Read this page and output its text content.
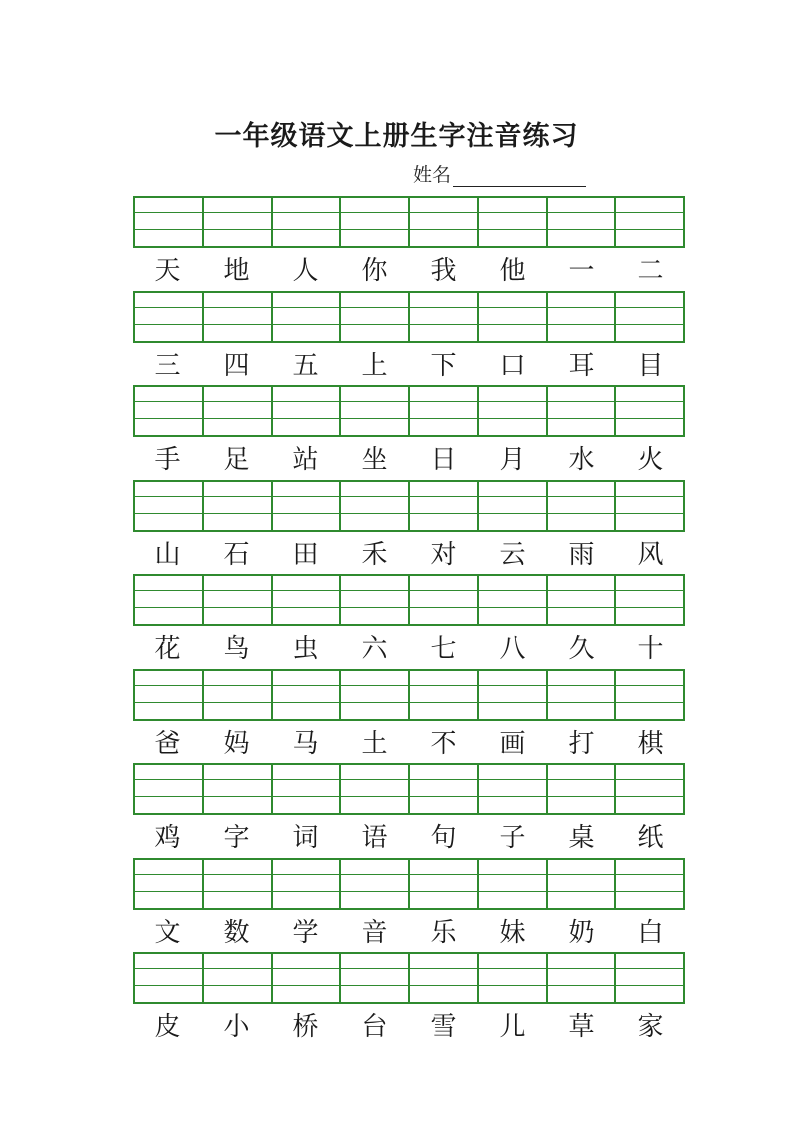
一年级语文上册生字注音练习
姓名
天	地	人	你	我	他	一	二
三	四	五	上	下	口	耳	目
手	足	站	坐	日	月	水	火
山	石	田	禾	对	云	雨	风
花	鸟	虫	六	七	八	久	十
爸	妈	马	土	不	画	打	棋
鸡	字	词	语	句	子	桌	纸
文	数	学	音	乐	妹	奶	白
皮	小	桥	台	雪	儿	草	家
